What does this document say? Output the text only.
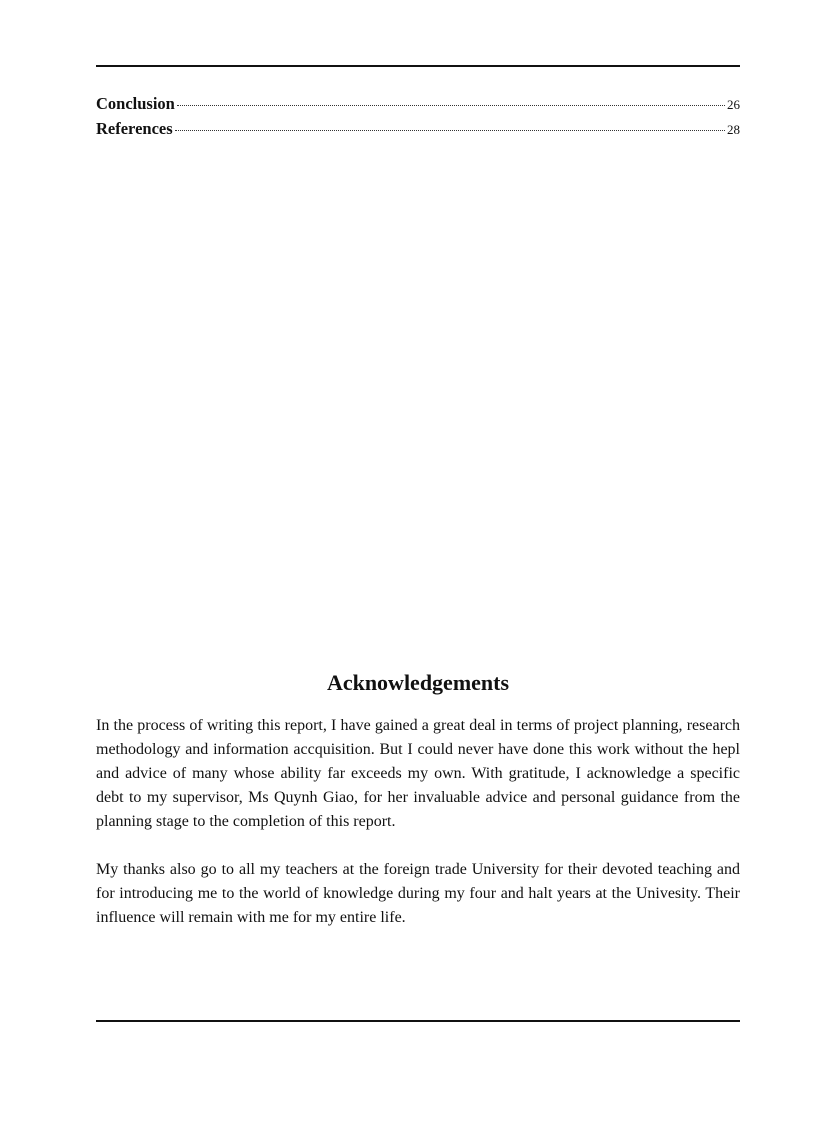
Conclusion	26
References	28
Acknowledgements

In the process of writing this report, I have gained a great deal in terms of project planning, research methodology and information accquisition. But I could never have done this work without the hepl and advice of many whose ability far exceeds my own. With gratitude, I acknowledge a specific debt to my supervisor, Ms Quynh Giao, for her invaluable advice and personal guidance from the planning stage to the completion of this report.

My thanks also go to all my teachers at the foreign trade University for their devoted teaching and for introducing me to the world of knowledge during my four and halt years at the Univesity. Their influence will remain with me for my entire life.
